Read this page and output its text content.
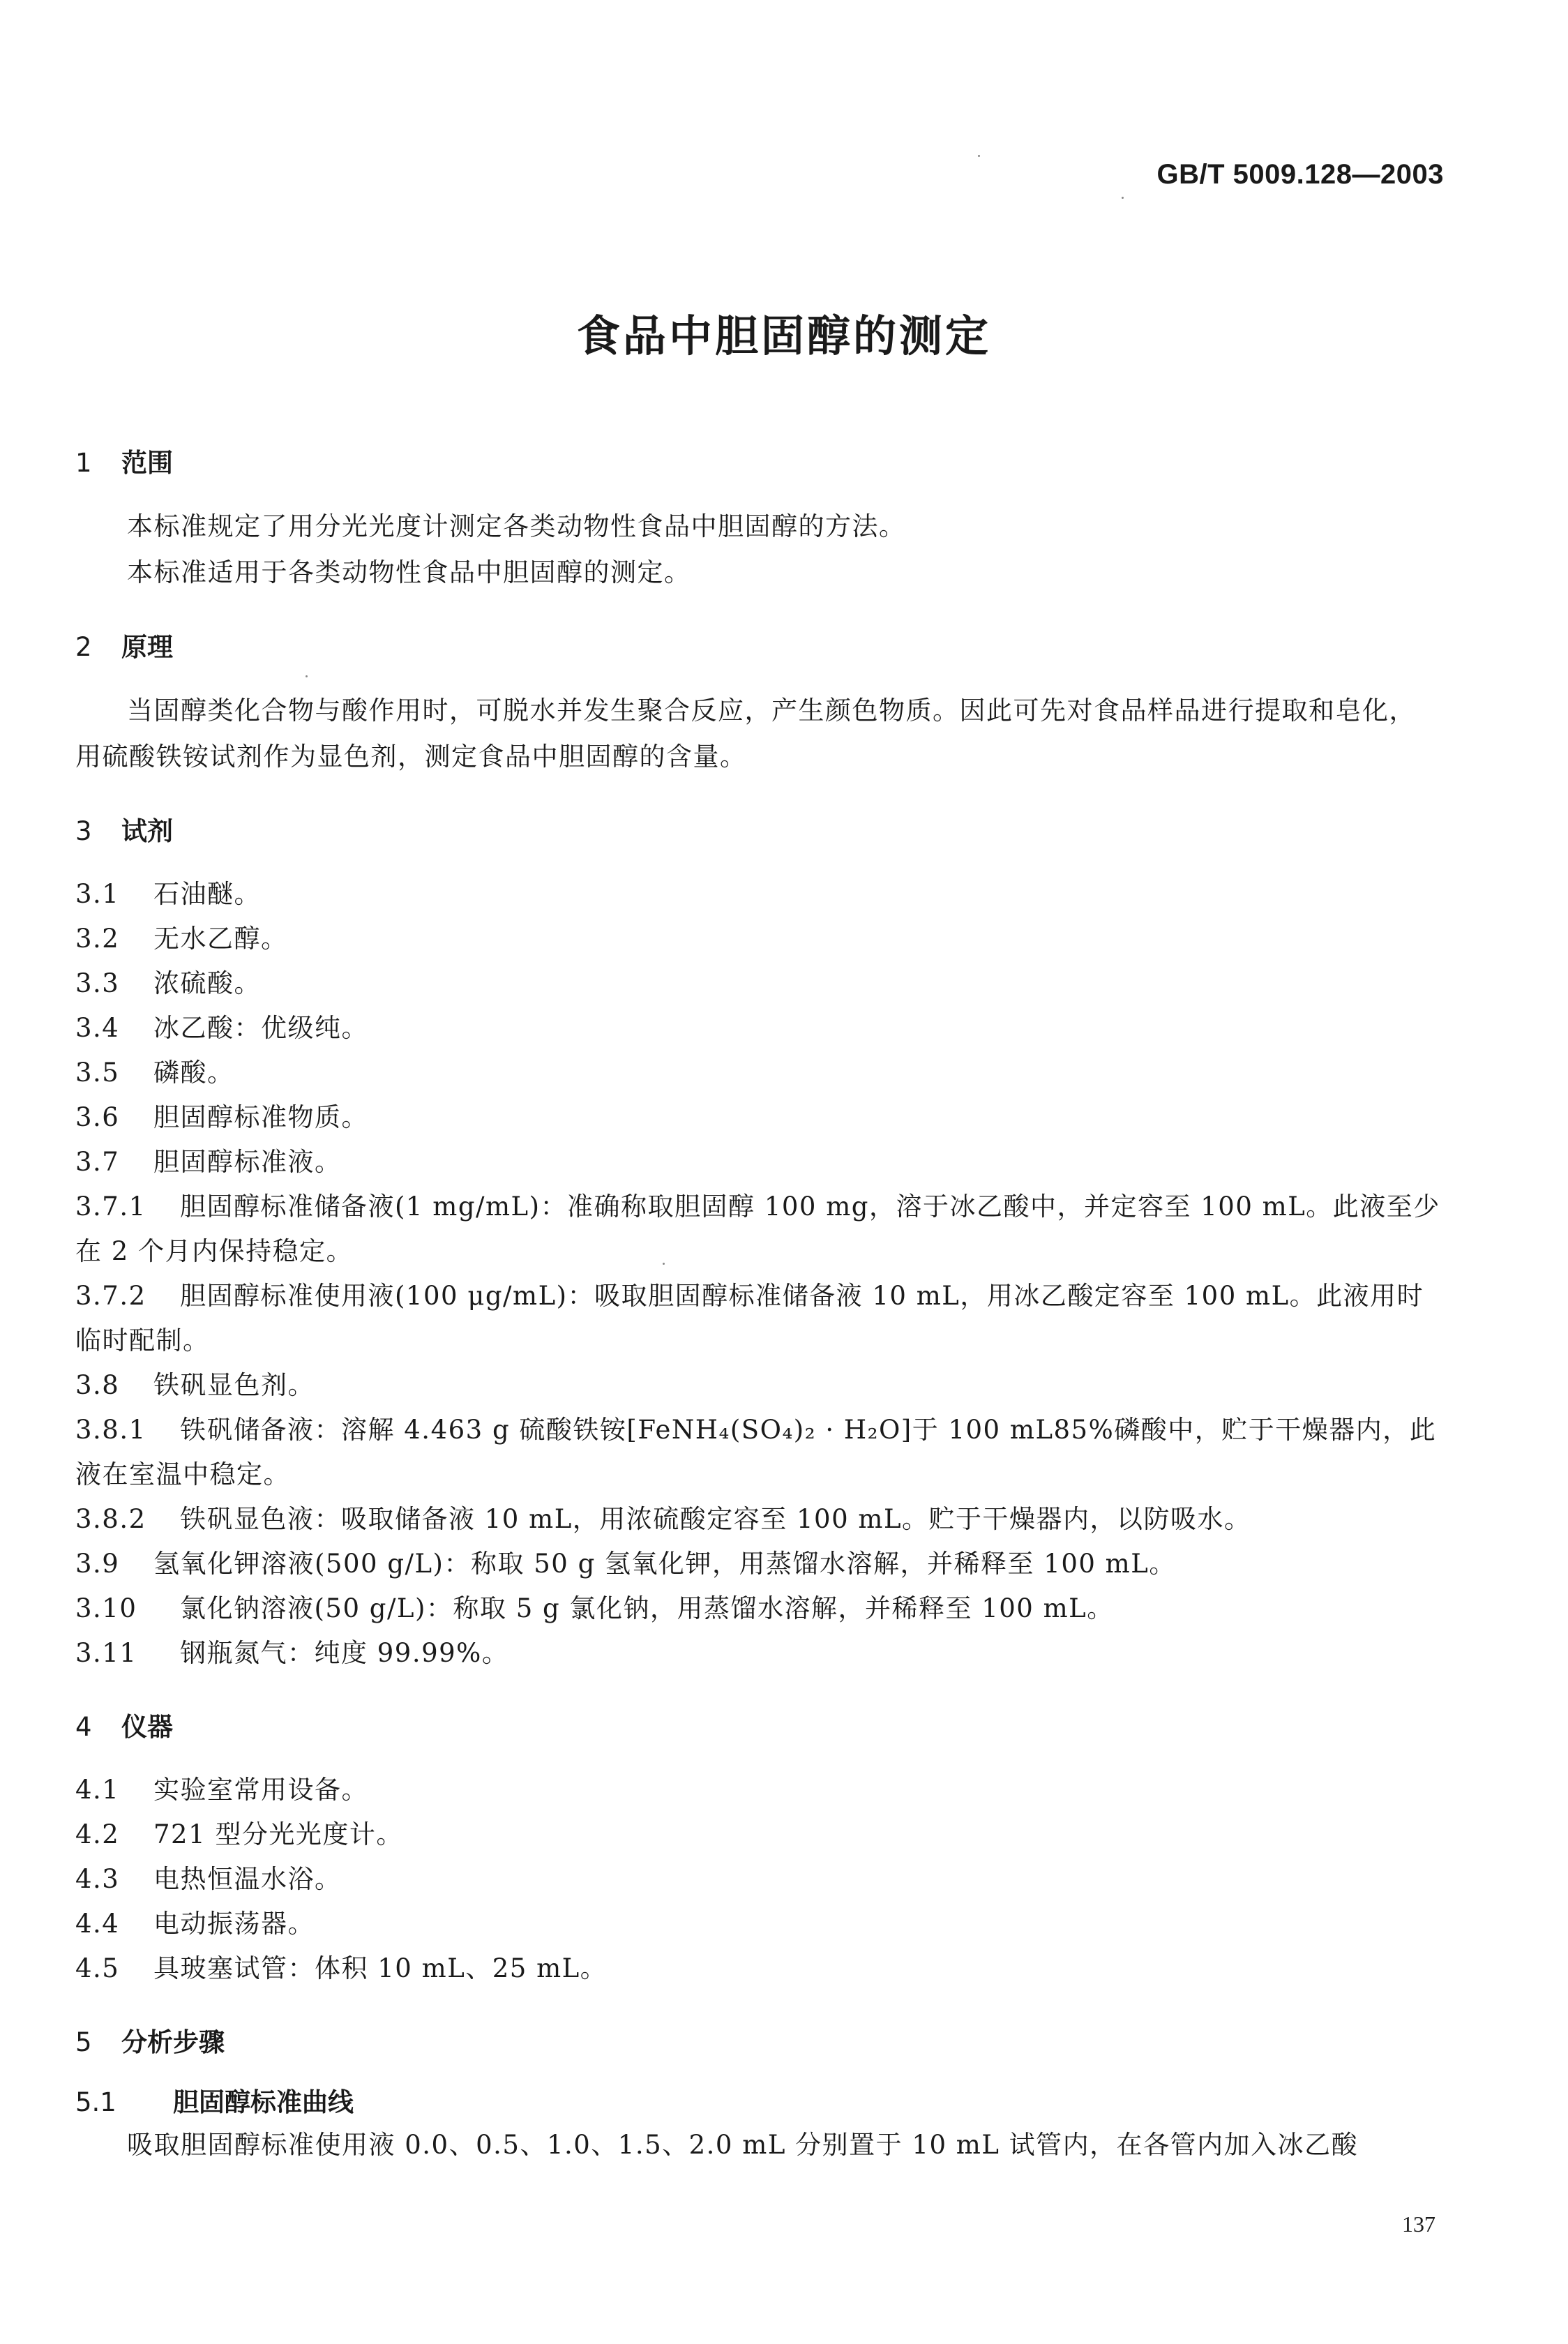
GB/T 5009.128—2003
食品中胆固醇的测定
1 范围

本标准规定了用分光光度计测定各类动物性食品中胆固醇的方法。

本标准适用于各类动物性食品中胆固醇的测定。

2 原理

当固醇类化合物与酸作用时，可脱水并发生聚合反应，产生颜色物质。因此可先对食品样品进行提取和皂化，用硫酸铁铵试剂作为显色剂，测定食品中胆固醇的含量。

3 试剂

3.1 石油醚。

3.2 无水乙醇。

3.3 浓硫酸。

3.4 冰乙酸：优级纯。

3.5 磷酸。

3.6 胆固醇标准物质。

3.7 胆固醇标准液。

3.7.1 胆固醇标准储备液(1 mg/mL)：准确称取胆固醇 100 mg，溶于冰乙酸中，并定容至 100 mL。此液至少在 2 个月内保持稳定。

3.7.2 胆固醇标准使用液(100 μg/mL)：吸取胆固醇标准储备液 10 mL，用冰乙酸定容至 100 mL。此液用时临时配制。

3.8 铁矾显色剂。

3.8.1 铁矾储备液：溶解 4.463 g 硫酸铁铵[FeNH₄(SO₄)₂ · H₂O]于 100 mL85%磷酸中，贮于干燥器内，此液在室温中稳定。

3.8.2 铁矾显色液：吸取储备液 10 mL，用浓硫酸定容至 100 mL。贮于干燥器内，以防吸水。

3.9 氢氧化钾溶液(500 g/L)：称取 50 g 氢氧化钾，用蒸馏水溶解，并稀释至 100 mL。

3.10 氯化钠溶液(50 g/L)：称取 5 g 氯化钠，用蒸馏水溶解，并稀释至 100 mL。

3.11 钢瓶氮气：纯度 99.99%。

4 仪器

4.1 实验室常用设备。

4.2 721 型分光光度计。

4.3 电热恒温水浴。

4.4 电动振荡器。

4.5 具玻塞试管：体积 10 mL、25 mL。

5 分析步骤
5.1 胆固醇标准曲线

吸取胆固醇标准使用液 0.0、0.5、1.0、1.5、2.0 mL 分别置于 10 mL 试管内，在各管内加入冰乙酸

137
